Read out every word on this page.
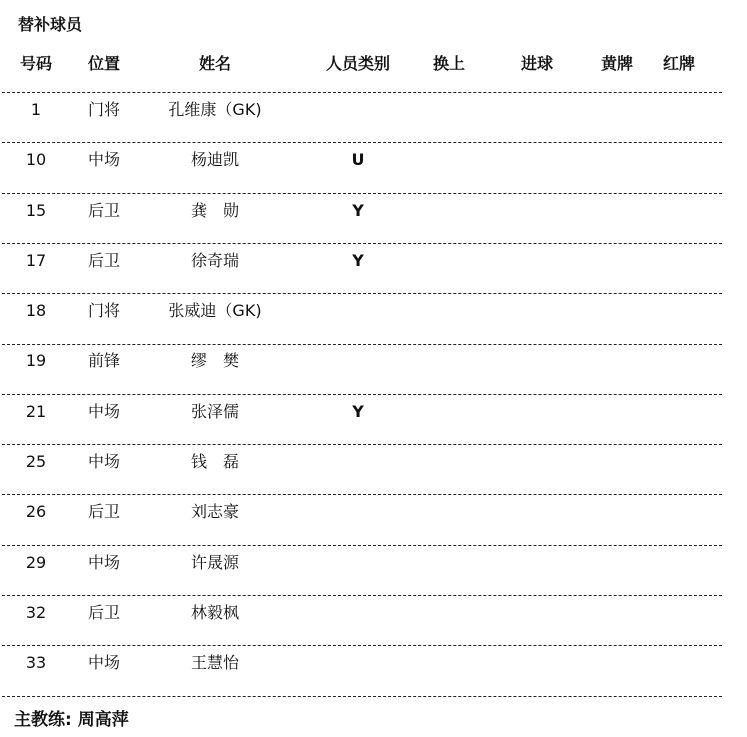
替补球员
号码	位置	姓名	人员类别	换上	进球	黄牌	红牌
1	门将	孔维康（GK)
10	中场	杨迪凯	U
15	后卫	龚　勋	Y
17	后卫	徐奇瑞	Y
18	门将	张威迪（GK)
19	前锋	缪　樊
21	中场	张泽儒	Y
25	中场	钱　磊
26	后卫	刘志豪
29	中场	许晟源
32	后卫	林毅枫
33	中场	王慧怡
主教练: 周高萍
